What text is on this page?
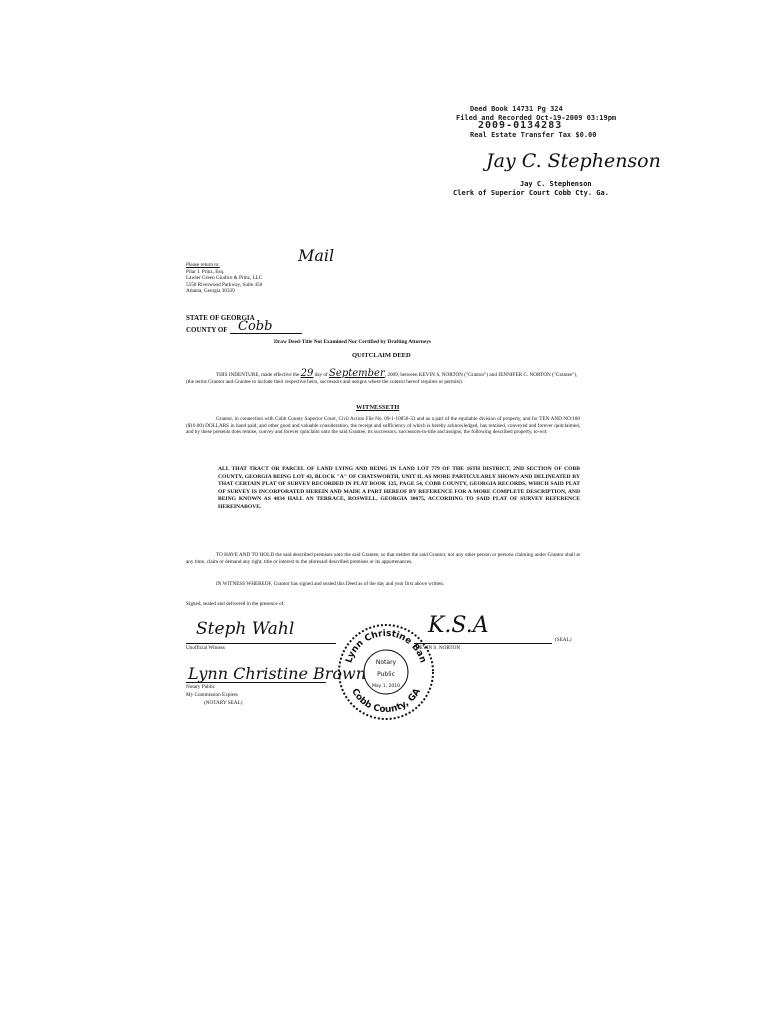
Deed Book 14731 Pg 324
Filed and Recorded Oct-19-2009 03:19pm
2009-0134283
Real Estate Transfer Tax $0.00
Jay C. Stephenson
Jay C. Stephenson
Clerk of Superior Court Cobb Cty. Ga.
Mail
Please return to:
Pilar J. Prinz, Esq.
Lawler Green Giudice & Prinz, LLC
5550 Riverwood Parkway, Suite 450
Atlanta, Georgia 30339
STATE OF GEORGIA
COUNTY OF Cobb
Draw Deed-Title Not Examined Nor Certified by Drafting Attorneys
QUITCLAIM DEED
THIS INDENTURE, made effective the 29 day of September, 2009, between KEVIN S. NORTON ("Grantor") and JENNIFER C. NORTON ("Grantee"), (the terms Grantor and Grantee to include their respective heirs, successors and assigns where the context hereof requires or permits).
WITNESSETH

Grantor, in connection with Cobb County Superior Court, Civil Action File No. 09-1-10858-33 and as a part of the equitable division of property, and for TEN AND NO/100 ($10.00) DOLLARS in hand paid, and other good and valuable consideration, the receipt and sufficiency of which is hereby acknowledged, has remised, conveyed and forever quitclaimed, and by these presents does remise, convey and forever quitclaim unto the said Grantee, its successors, successors-in-title and assigns, the following described property, to-wit:

ALL THAT TRACT OR PARCEL OF LAND LYING AND BEING IN LAND LOT 779 OF THE 16TH DISTRICT, 2ND SECTION OF COBB COUNTY, GEORGIA BEING LOT 43, BLOCK "A" OF CHATSWORTH, UNIT II, AS MORE PARTICULARLY SHOWN AND DELINEATED BY THAT CERTAIN PLAT OF SURVEY RECORDED IN PLAT BOOK 125, PAGE 54, COBB COUNTY, GEORGIA RECORDS, WHICH SAID PLAT OF SURVEY IS INCORPORATED HEREIN AND MADE A PART HEREOF BY REFERENCE FOR A MORE COMPLETE DESCRIPTION, AND BEING KNOWN AS 4834 HALL AN TERRACE, ROSWELL, GEORGIA 30075, ACCORDING TO SAID PLAT OF SURVEY REFERENCE HEREINABOVE.

TO HAVE AND TO HOLD the said described premises unto the said Grantee, so that neither the said Grantor, nor any other person or persons claiming under Grantor shall at any time, claim or demand any right, title or interest to the aforesaid described premises or its appurtenances.

IN WITNESS WHEREOF, Grantor has signed and sealed this Deed as of the day and year first above written.

Signed, sealed and delivered in the presence of:

Steph Wahl
Unofficial Witness
K.S.A
KEVIN S. NORTON
(SEAL)
Lynn Christine Brown
Notary Public
My Commission Expires
(NOTARY SEAL)
Lynn Christine Ban
Cobb County, GA
Notary
Public
May 1, 2010
